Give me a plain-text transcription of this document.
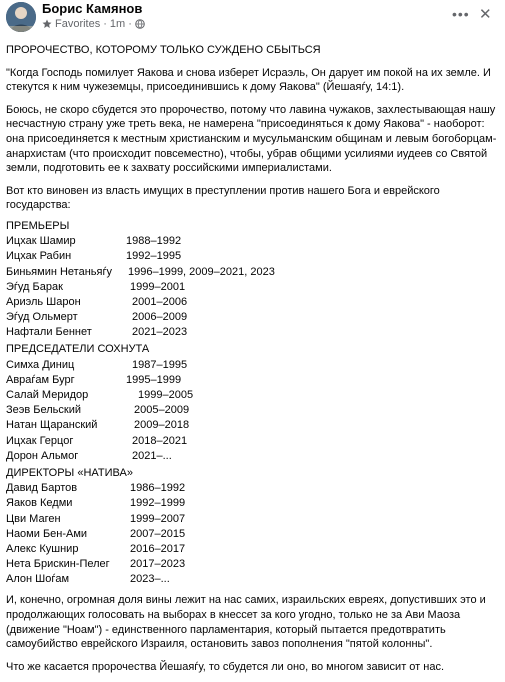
Борис Камянов
Favorites · 1m ·
••• ✕

ПРОРОЧЕСТВО, КОТОРОМУ ТОЛЬКО СУЖДЕНО СБЫТЬСЯ

"Когда Господь помилует Яакова и снова изберет Исраэль, Он дарует им покой на их земле. И стекутся к ним чужеземцы, присоединившись к дому Яакова" (Йешаяѓу, 14:1).

Боюсь, не скоро сбудется это пророчество, потому что лавина чужаков, захлестывающая нашу несчастную страну уже треть века, не намерена "присоединяться к дому Яакова" - наоборот: она присоединяется к местным христианским и мусульманским общинам и левым богоборцам-анархистам (что происходит повсеместно), чтобы, убрав общими усилиями иудеев со Святой земли, подготовить ее к захвату российскими империалистами.

Вот кто виновен из власть имущих в преступлении против нашего Бога и еврейского государства:

ПРЕМЬЕРЫ
Ицхак Шамир	1988–1992
Ицхак Рабин	1992–1995
Биньямин Нетаньяѓу 1996–1999, 2009–2021, 2023
Эѓуд Барак	1999–2001
Ариэль Шарон	2001–2006
Эѓуд Ольмерт	2006–2009
Нафтали Беннет	2021–2023
ПРЕДСЕДАТЕЛИ СОХНУТА
Симха Диниц	1987–1995
Авраѓам Бург	1995–1999
Салай Меридор	1999–2005
Зеэв Бельский	2005–2009
Натан Щаранский	2009–2018
Ицхак Герцог	2018–2021
Дорон Альмог	2021–...
ДИРЕКТОРЫ «НАТИВА»
Давид Бартов	1986–1992
Яаков Кедми	1992–1999
Цви Маген	1999–2007
Наоми Бен-Ами	2007–2015
Алекс Кушнир	2016–2017
Нета Брискин-Пелег 2017–2023
Алон Шоѓам	2023–...

И, конечно, огромная доля вины лежит на нас самих, израильских евреях, допустивших это и продолжающих голосовать на выборах в кнессет за кого угодно, только не за Ави Маоза (движение "Ноам") - единственного парламентария, который пытается предотвратить самоубийство еврейского Израиля, остановить завоз пополнения "пятой колонны".

Что же касается пророчества Йешаяѓу, то сбудется ли оно, во многом зависит от нас.
